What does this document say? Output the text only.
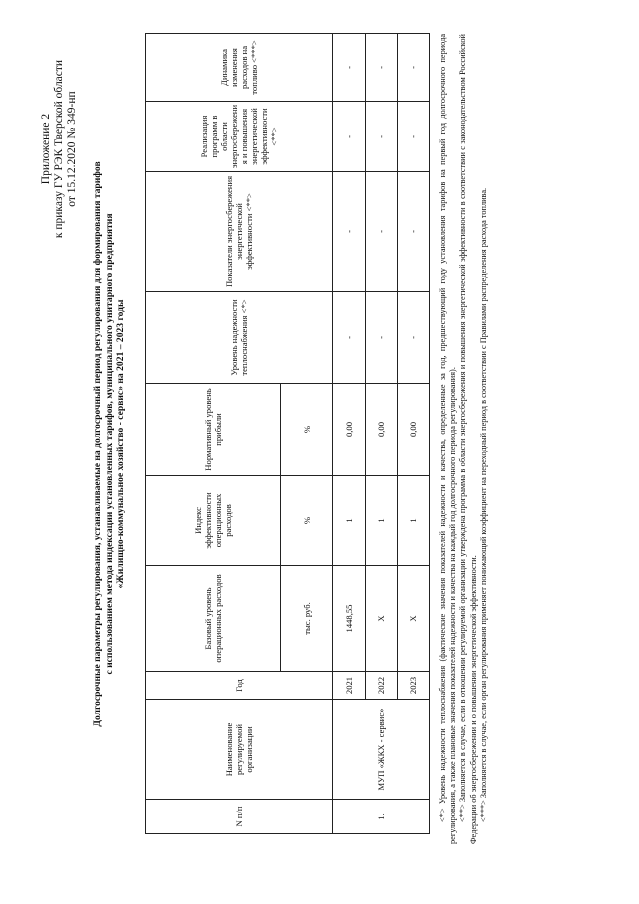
Приложение 2 к приказу ГУ РЭК Тверской области от 15.12.2020 № 349-нп
Долгосрочные параметры регулирования, устанавливаемые на долгосрочный период регулирования для формирования тарифов с использованием метода индексации установленных тарифов, муниципального унитарного предприятия «Жилищно-коммунальное хозяйство - сервис» на 2021 – 2023 годы
N п/п	Наименование регулируемой организации	Год	Базовый уровень операционных расходов	Индекс эффективности операционных расходов	Нормативный уровень прибыли	Уровень надежности теплоснабжения <*>	Показатели энергосбережения энергетической эффективности <**>	Реализация программ в области энергосбережени я и повышения энергетической эффективности <**>	Динамика изменения расходов на топливо <***>
			тыс. руб.	%	%				
1.	МУП «ЖКХ - сервис»	2021	1448,55	1	0,00	-	-	-	-
		2022	Х	1	0,00	-	-	-	-
		2023	Х	1	0,00	-	-	-	- <*> Уровень надежности теплоснабжения (фактические значения показателей надежности и качества, определенные за год, предшествующий году установления тарифов на первый год долгосрочного периода регулирования, а также плановые значения показателей надежности и качества на каждый год долгосрочного периода регулирования). <**> Заполняется в случае, если в отношении регулируемой организации утверждена программа в области энергосбережения и повышения энергетической эффективности в соответствии с законодательством Российской Федерации об энергосбережении и о повышении энергетической эффективности. <***> Заполняется в случае, если орган регулирования применяет понижающий коэффициент на переходный период в соответствии с Правилами распределения расхода топлива.
